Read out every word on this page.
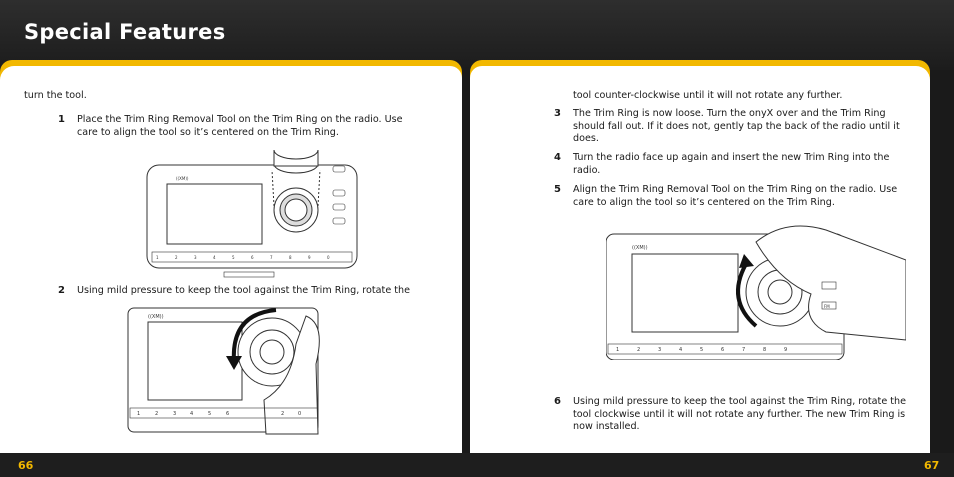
Special Features
turn the tool.
1 Place the Trim Ring Removal Tool on the Trim Ring on the radio. Use care to align the tool so it’s centered on the Trim Ring.
((XM))
1	2	3	4	5	6	7	8	9	0
2 Using mild pressure to keep the tool against the Trim Ring, rotate the
((XM))
1	2	3	4	5	6	2	0
tool counter-clockwise until it will not rotate any further.
3 The Trim Ring is now loose. Turn the onyX over and the Trim Ring should fall out. If it does not, gently tap the back of the radio until it does.
4 Turn the radio face up again and insert the new Trim Ring into the radio.
5 Align the Trim Ring Removal Tool on the Trim Ring on the radio. Use care to align the tool so it’s centered on the Trim Ring.
((XM))
FM
1	2	3	4	5	6	7	8	9
6 Using mild pressure to keep the tool against the Trim Ring, rotate the tool clockwise until it will not rotate any further. The new Trim Ring is now installed.
66	67
